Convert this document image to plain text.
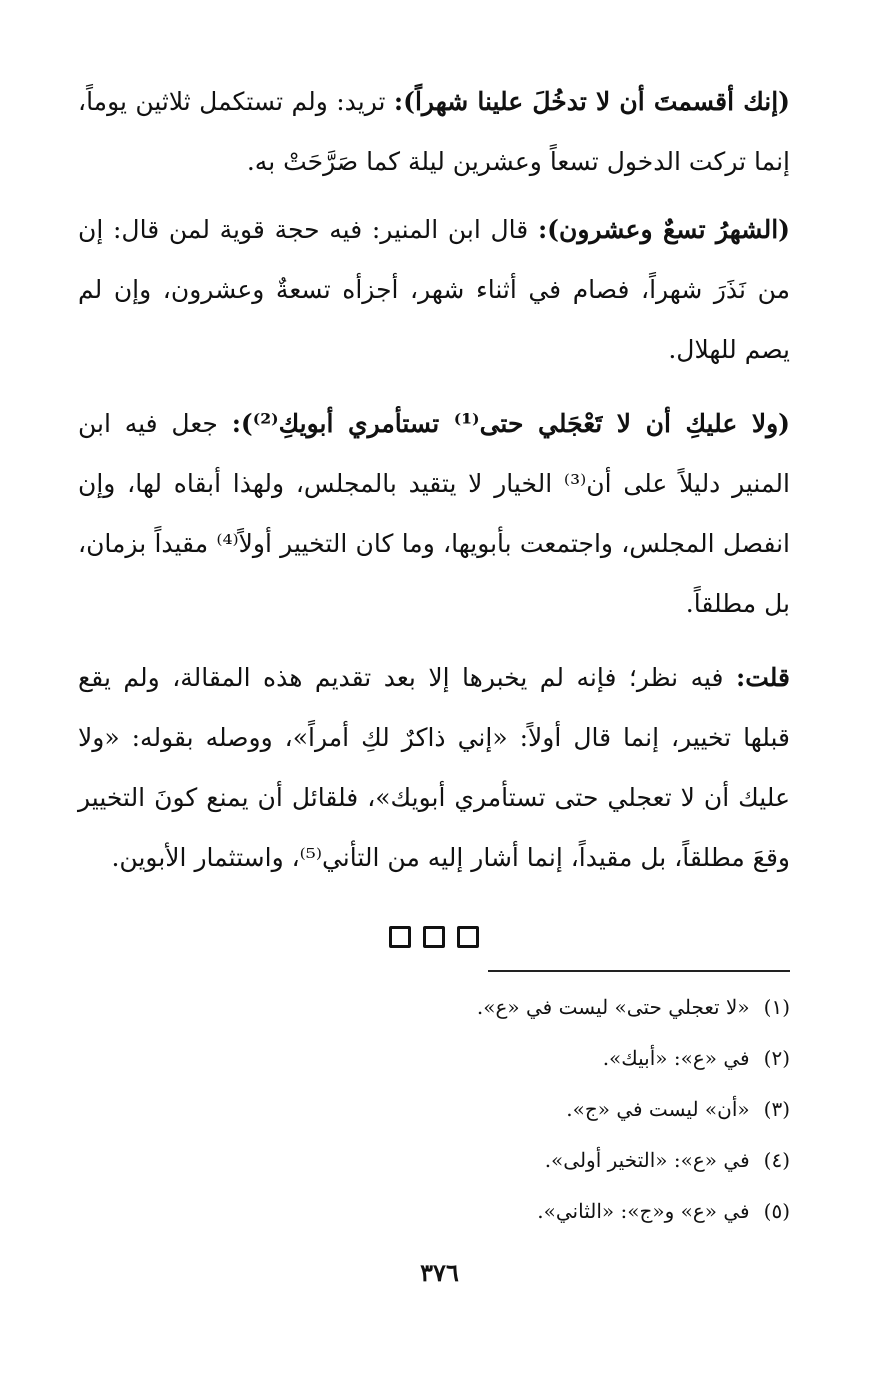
(إنك أقسمتَ أن لا تدخُلَ علينا شهراً): تريد: ولم تستكمل ثلاثين يوماً، إنما تركت الدخول تسعاً وعشرين ليلة كما صَرَّحَتْ به.

(الشهرُ تسعٌ وعشرون): قال ابن المنير: فيه حجة قوية لمن قال: إن من نَذَرَ شهراً، فصام في أثناء شهر، أجزأه تسعةٌ وعشرون، وإن لم يصم للهلال.

(ولا عليكِ أن لا تَعْجَلي حتى⁽¹⁾ تستأمري أبويكِ⁽²⁾): جعل فيه ابن المنير دليلاً على أن⁽³⁾ الخيار لا يتقيد بالمجلس، ولهذا أبقاه لها، وإن انفصل المجلس، واجتمعت بأبويها، وما كان التخيير أولاً⁽⁴⁾ مقيداً بزمان، بل مطلقاً.

قلت: فيه نظر؛ فإنه لم يخبرها إلا بعد تقديم هذه المقالة، ولم يقع قبلها تخيير، إنما قال أولاً: «إني ذاكرٌ لكِ أمراً»، ووصله بقوله: «ولا عليك أن لا تعجلي حتى تستأمري أبويك»، فلقائل أن يمنع كونَ التخيير وقعَ مطلقاً، بل مقيداً، إنما أشار إليه من التأني⁽⁵⁾، واستثمار الأبوين.

(١)«لا تعجلي حتى» ليست في «ع».
(٢)في «ع»: «أبيك».
(٣)«أن» ليست في «ج».
(٤)في «ع»: «التخير أولى».
(٥)في «ع» و«ج»: «الثاني».
٣٧٦
